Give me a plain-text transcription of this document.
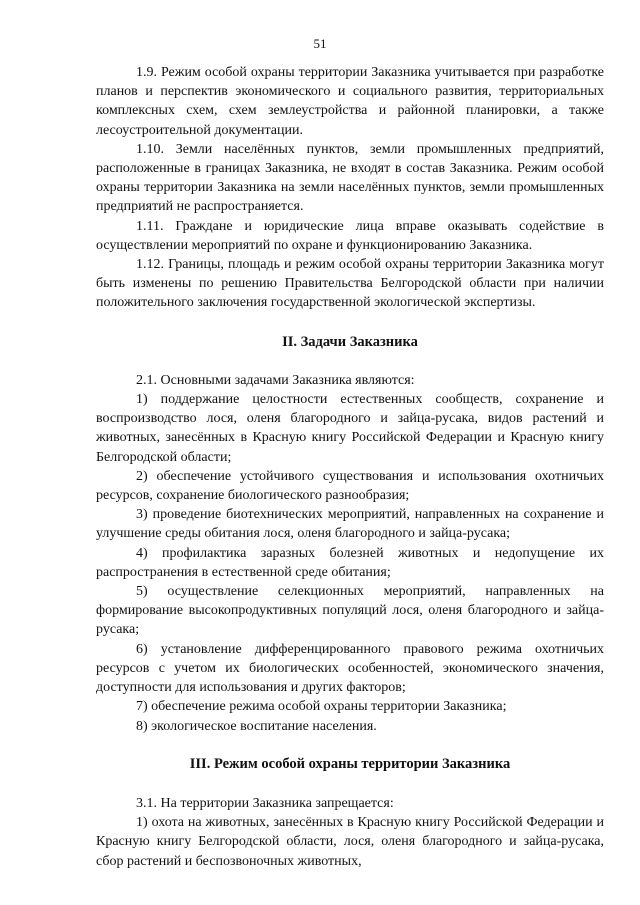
51

1.9. Режим особой охраны территории Заказника учитывается при разработке планов и перспектив экономического и социального развития, территориальных комплексных схем, схем землеустройства и районной планировки, а также лесоустроительной документации.

1.10. Земли населённых пунктов, земли промышленных предприятий, расположенные в границах Заказника, не входят в состав Заказника. Режим особой охраны территории Заказника на земли населённых пунктов, земли промышленных предприятий не распространяется.

1.11. Граждане и юридические лица вправе оказывать содействие в осуществлении мероприятий по охране и функционированию Заказника.

1.12. Границы, площадь и режим особой охраны территории Заказника могут быть изменены по решению Правительства Белгородской области при наличии положительного заключения государственной экологической экспертизы.

II. Задачи Заказника

2.1. Основными задачами Заказника являются:

1) поддержание целостности естественных сообществ, сохранение и воспроизводство лося, оленя благородного и зайца-русака, видов растений и животных, занесённых в Красную книгу Российской Федерации и Красную книгу Белгородской области;

2) обеспечение устойчивого существования и использования охотничьих ресурсов, сохранение биологического разнообразия;

3) проведение биотехнических мероприятий, направленных на сохранение и улучшение среды обитания лося, оленя благородного и зайца-русака;

4) профилактика заразных болезней животных и недопущение их распространения в естественной среде обитания;

5) осуществление селекционных мероприятий, направленных на формирование высокопродуктивных популяций лося, оленя благородного и зайца-русака;

6) установление дифференцированного правового режима охотничьих ресурсов с учетом их биологических особенностей, экономического значения, доступности для использования и других факторов;

7) обеспечение режима особой охраны территории Заказника;

8) экологическое воспитание населения.

III. Режим особой охраны территории Заказника

3.1. На территории Заказника запрещается:

1) охота на животных, занесённых в Красную книгу Российской Федерации и Красную книгу Белгородской области, лося, оленя благородного и зайца-русака, сбор растений и беспозвоночных животных,
